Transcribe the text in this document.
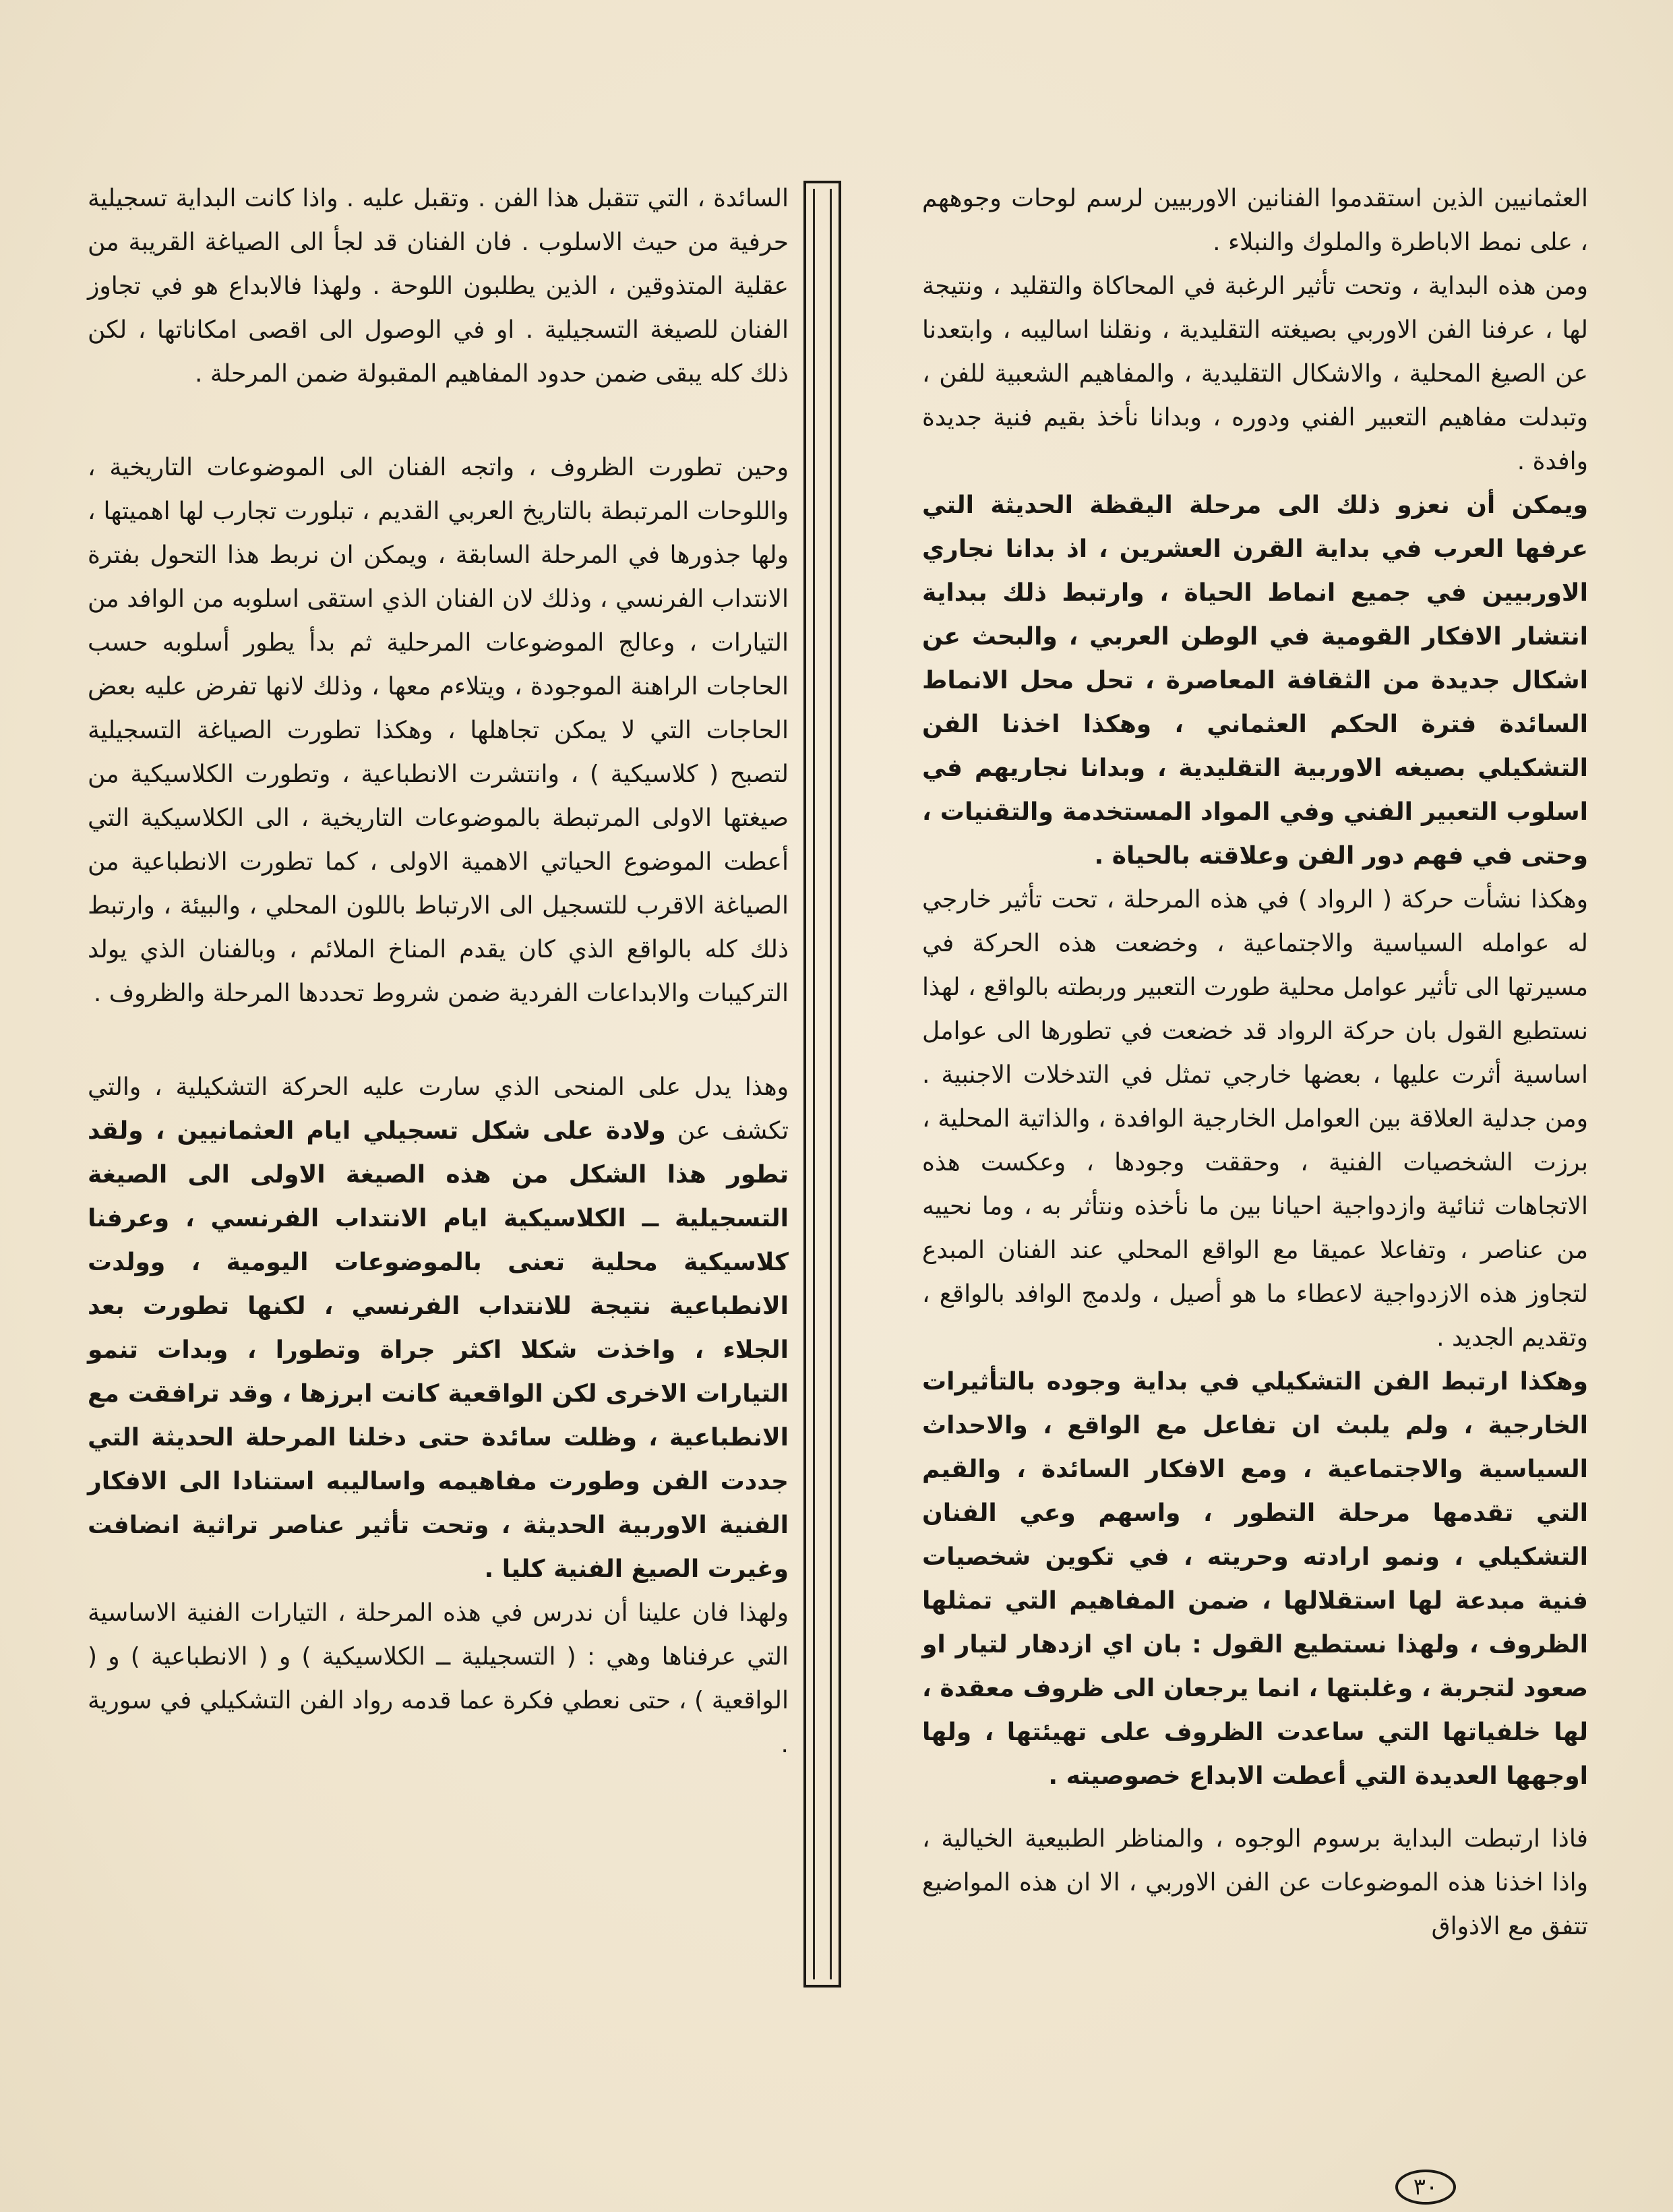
العثمانيين الذين استقدموا الفنانين الاوربيين لرسم لوحات وجوههم ، على نمط الاباطرة والملوك والنبلاء .

ومن هذه البداية ، وتحت تأثير الرغبة في المحاكاة والتقليد ، ونتيجة لها ، عرفنا الفن الاوربي بصيغته التقليدية ، ونقلنا اساليبه ، وابتعدنا عن الصيغ المحلية ، والاشكال التقليدية ، والمفاهيم الشعبية للفن ، وتبدلت مفاهيم التعبير الفني ودوره ، وبدانا نأخذ بقيم فنية جديدة وافدة .

ويمكن أن نعزو ذلك الى مرحلة اليقظة الحديثة التي عرفها العرب في بداية القرن العشرين ، اذ بدانا نجاري الاوربيين في جميع انماط الحياة ، وارتبط ذلك ببداية انتشار الافكار القومية في الوطن العربي ، والبحث عن اشكال جديدة من الثقافة المعاصرة ، تحل محل الانماط السائدة فترة الحكم العثماني ، وهكذا اخذنا الفن التشكيلي بصيغه الاوربية التقليدية ، وبدانا نجاريهم في اسلوب التعبير الفني وفي المواد المستخدمة والتقنيات ، وحتى في فهم دور الفن وعلاقته بالحياة .

وهكذا نشأت حركة ( الرواد ) في هذه المرحلة ، تحت تأثير خارجي له عوامله السياسية والاجتماعية ، وخضعت هذه الحركة في مسيرتها الى تأثير عوامل محلية طورت التعبير وربطته بالواقع ، لهذا نستطيع القول بان حركة الرواد قد خضعت في تطورها الى عوامل اساسية أثرت عليها ، بعضها خارجي تمثل في التدخلات الاجنبية . ومن جدلية العلاقة بين العوامل الخارجية الوافدة ، والذاتية المحلية ، برزت الشخصيات الفنية ، وحققت وجودها ، وعكست هذه الاتجاهات ثنائية وازدواجية احيانا بين ما نأخذه ونتأثر به ، وما نحييه من عناصر ، وتفاعلا عميقا مع الواقع المحلي عند الفنان المبدع لتجاوز هذه الازدواجية لاعطاء ما هو أصيل ، ولدمج الوافد بالواقع ، وتقديم الجديد .

وهكذا ارتبط الفن التشكيلي في بداية وجوده بالتأثيرات الخارجية ، ولم يلبث ان تفاعل مع الواقع ، والاحداث السياسية والاجتماعية ، ومع الافكار السائدة ، والقيم التي تقدمها مرحلة التطور ، واسهم وعي الفنان التشكيلي ، ونمو ارادته وحريته ، في تكوين شخصيات فنية مبدعة لها استقلالها ، ضمن المفاهيم التي تمثلها الظروف ، ولهذا نستطيع القول : بان اي ازدهار لتيار او صعود لتجربة ، وغلبتها ، انما يرجعان الى ظروف معقدة ، لها خلفياتها التي ساعدت الظروف على تهيئتها ، ولها اوجهها العديدة التي أعطت الابداع خصوصيته .

فاذا ارتبطت البداية برسوم الوجوه ، والمناظر الطبيعية الخيالية ، واذا اخذنا هذه الموضوعات عن الفن الاوربي ، الا ان هذه المواضيع تتفق مع الاذواق

السائدة ، التي تتقبل هذا الفن . وتقبل عليه . واذا كانت البداية تسجيلية حرفية من حيث الاسلوب . فان الفنان قد لجأ الى الصياغة القريبة من عقلية المتذوقين ، الذين يطلبون اللوحة . ولهذا فالابداع هو في تجاوز الفنان للصيغة التسجيلية . او في الوصول الى اقصى امكاناتها ، لكن ذلك كله يبقى ضمن حدود المفاهيم المقبولة ضمن المرحلة .

وحين تطورت الظروف ، واتجه الفنان الى الموضوعات التاريخية ، واللوحات المرتبطة بالتاريخ العربي القديم ، تبلورت تجارب لها اهميتها ، ولها جذورها في المرحلة السابقة ، ويمكن ان نربط هذا التحول بفترة الانتداب الفرنسي ، وذلك لان الفنان الذي استقى اسلوبه من الوافد من التيارات ، وعالج الموضوعات المرحلية ثم بدأ يطور أسلوبه حسب الحاجات الراهنة الموجودة ، ويتلاءم معها ، وذلك لانها تفرض عليه بعض الحاجات التي لا يمكن تجاهلها ، وهكذا تطورت الصياغة التسجيلية لتصبح ( كلاسيكية ) ، وانتشرت الانطباعية ، وتطورت الكلاسيكية من صيغتها الاولى المرتبطة بالموضوعات التاريخية ، الى الكلاسيكية التي أعطت الموضوع الحياتي الاهمية الاولى ، كما تطورت الانطباعية من الصياغة الاقرب للتسجيل الى الارتباط باللون المحلي ، والبيئة ، وارتبط ذلك كله بالواقع الذي كان يقدم المناخ الملائم ، وبالفنان الذي يولد التركيبات والابداعات الفردية ضمن شروط تحددها المرحلة والظروف .

وهذا يدل على المنحى الذي سارت عليه الحركة التشكيلية ، والتي تكشف عن ولادة على شكل تسجيلي ايام العثمانيين ، ولقد تطور هذا الشكل من هذه الصيغة الاولى الى الصيغة التسجيلية ــ الكلاسيكية ايام الانتداب الفرنسي ، وعرفنا كلاسيكية محلية تعنى بالموضوعات اليومية ، وولدت الانطباعية نتيجة للانتداب الفرنسي ، لكنها تطورت بعد الجلاء ، واخذت شكلا اكثر جراة وتطورا ، وبدات تنمو التيارات الاخرى لكن الواقعية كانت ابرزها ، وقد ترافقت مع الانطباعية ، وظلت سائدة حتى دخلنا المرحلة الحديثة التي جددت الفن وطورت مفاهيمه واساليبه استنادا الى الافكار الفنية الاوربية الحديثة ، وتحت تأثير عناصر تراثية انضافت وغيرت الصيغ الفنية كليا .

ولهذا فان علينا أن ندرس في هذه المرحلة ، التيارات الفنية الاساسية التي عرفناها وهي : ( التسجيلية ــ الكلاسيكية ) و ( الانطباعية ) و ( الواقعية ) ، حتى نعطي فكرة عما قدمه رواد الفن التشكيلي في سورية .

٣٠
